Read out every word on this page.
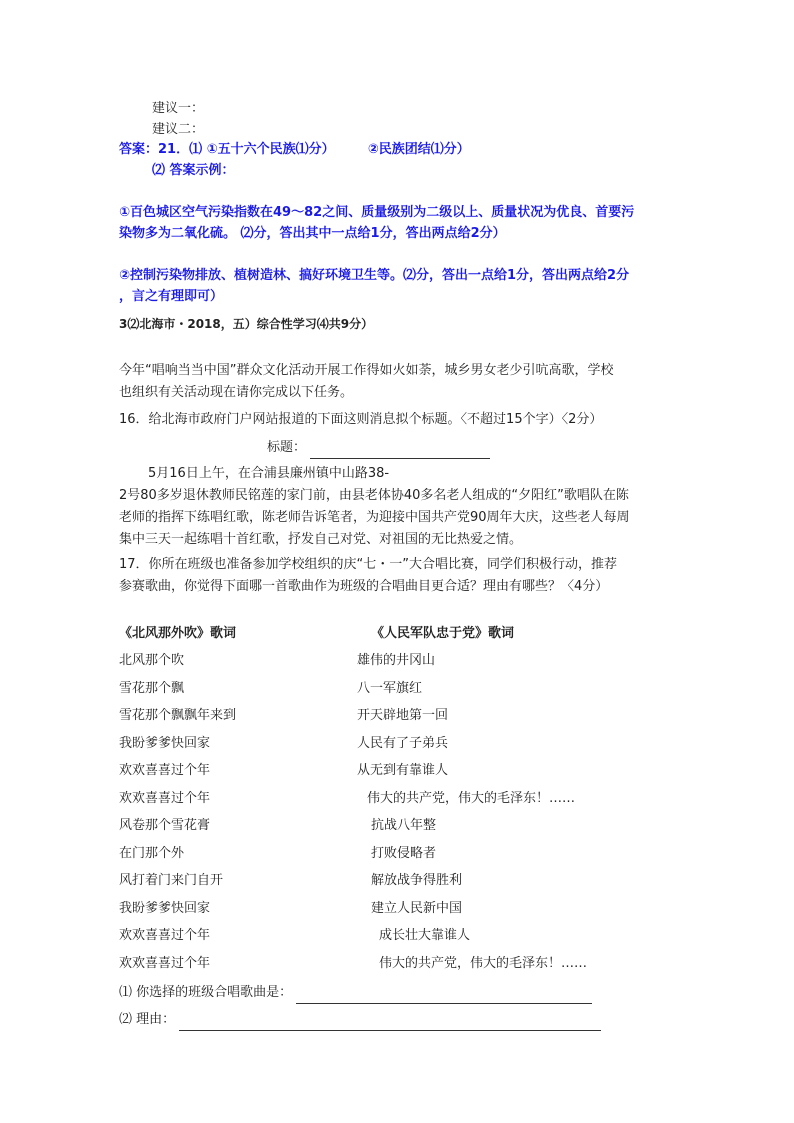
建议一：
建议二：
答案：21．⑴ ①五十六个民族⑴分）	②民族团结⑴分）
⑵ 答案示例：
①百色城区空气污染指数在49～82之间、质量级别为二级以上、质量状况为优良、首要污
染物多为二氧化硫。 ⑵分，答出其中一点给1分，答出两点给2分）
②控制污染物排放、植树造林、搞好环境卫生等。⑵分，答出一点给1分，答出两点给2分
，言之有理即可）
3⑵北海市・2018，五）综合性学习⑷共9分）
今年“唱响当当中国”群众文化活动开展工作得如火如荼，城乡男女老少引吭高歌，学校
也组织有关活动现在请你完成以下任务。
16．给北海市政府门户网站报道的下面这则消息拟个标题。〈不超过15个字）〈2分）
标题：
5月16日上午，在合浦县廉州镇中山路38-
2号80多岁退休教师民铭莲的家门前，由县老体协40多名老人组成的“夕阳红”歌唱队在陈
老师的指挥下练唱红歌，陈老师告诉笔者，为迎接中国共产党90周年大庆，这些老人每周
集中三天一起练唱十首红歌，抒发自己对党、对祖国的无比热爱之情。
17．你所在班级也准备参加学校组织的庆“七・一”大合唱比赛，同学们积极行动，推荐
参赛歌曲，你觉得下面哪一首歌曲作为班级的合唱曲目更合适？理由有哪些？〈4分）
《北风那外吹》歌词	《人民军队忠于党》歌词
北风那个吹
雪花那个飘
雪花那个飘飘年来到
我盼爹爹快回家
欢欢喜喜过个年
欢欢喜喜过个年
风卷那个雪花膏
在门那个外
风打着门来门自开
我盼爹爹快回家
欢欢喜喜过个年
欢欢喜喜过个年
雄伟的井冈山
八一军旗红
开天辟地第一回
人民有了子弟兵
从无到有靠谁人
伟大的共产党，伟大的毛泽东！……
抗战八年整
打败侵略者
解放战争得胜利
建立人民新中国
成长壮大靠谁人
伟大的共产党，伟大的毛泽东！……
⑴ 你选择的班级合唱歌曲是：
⑵ 理由：
